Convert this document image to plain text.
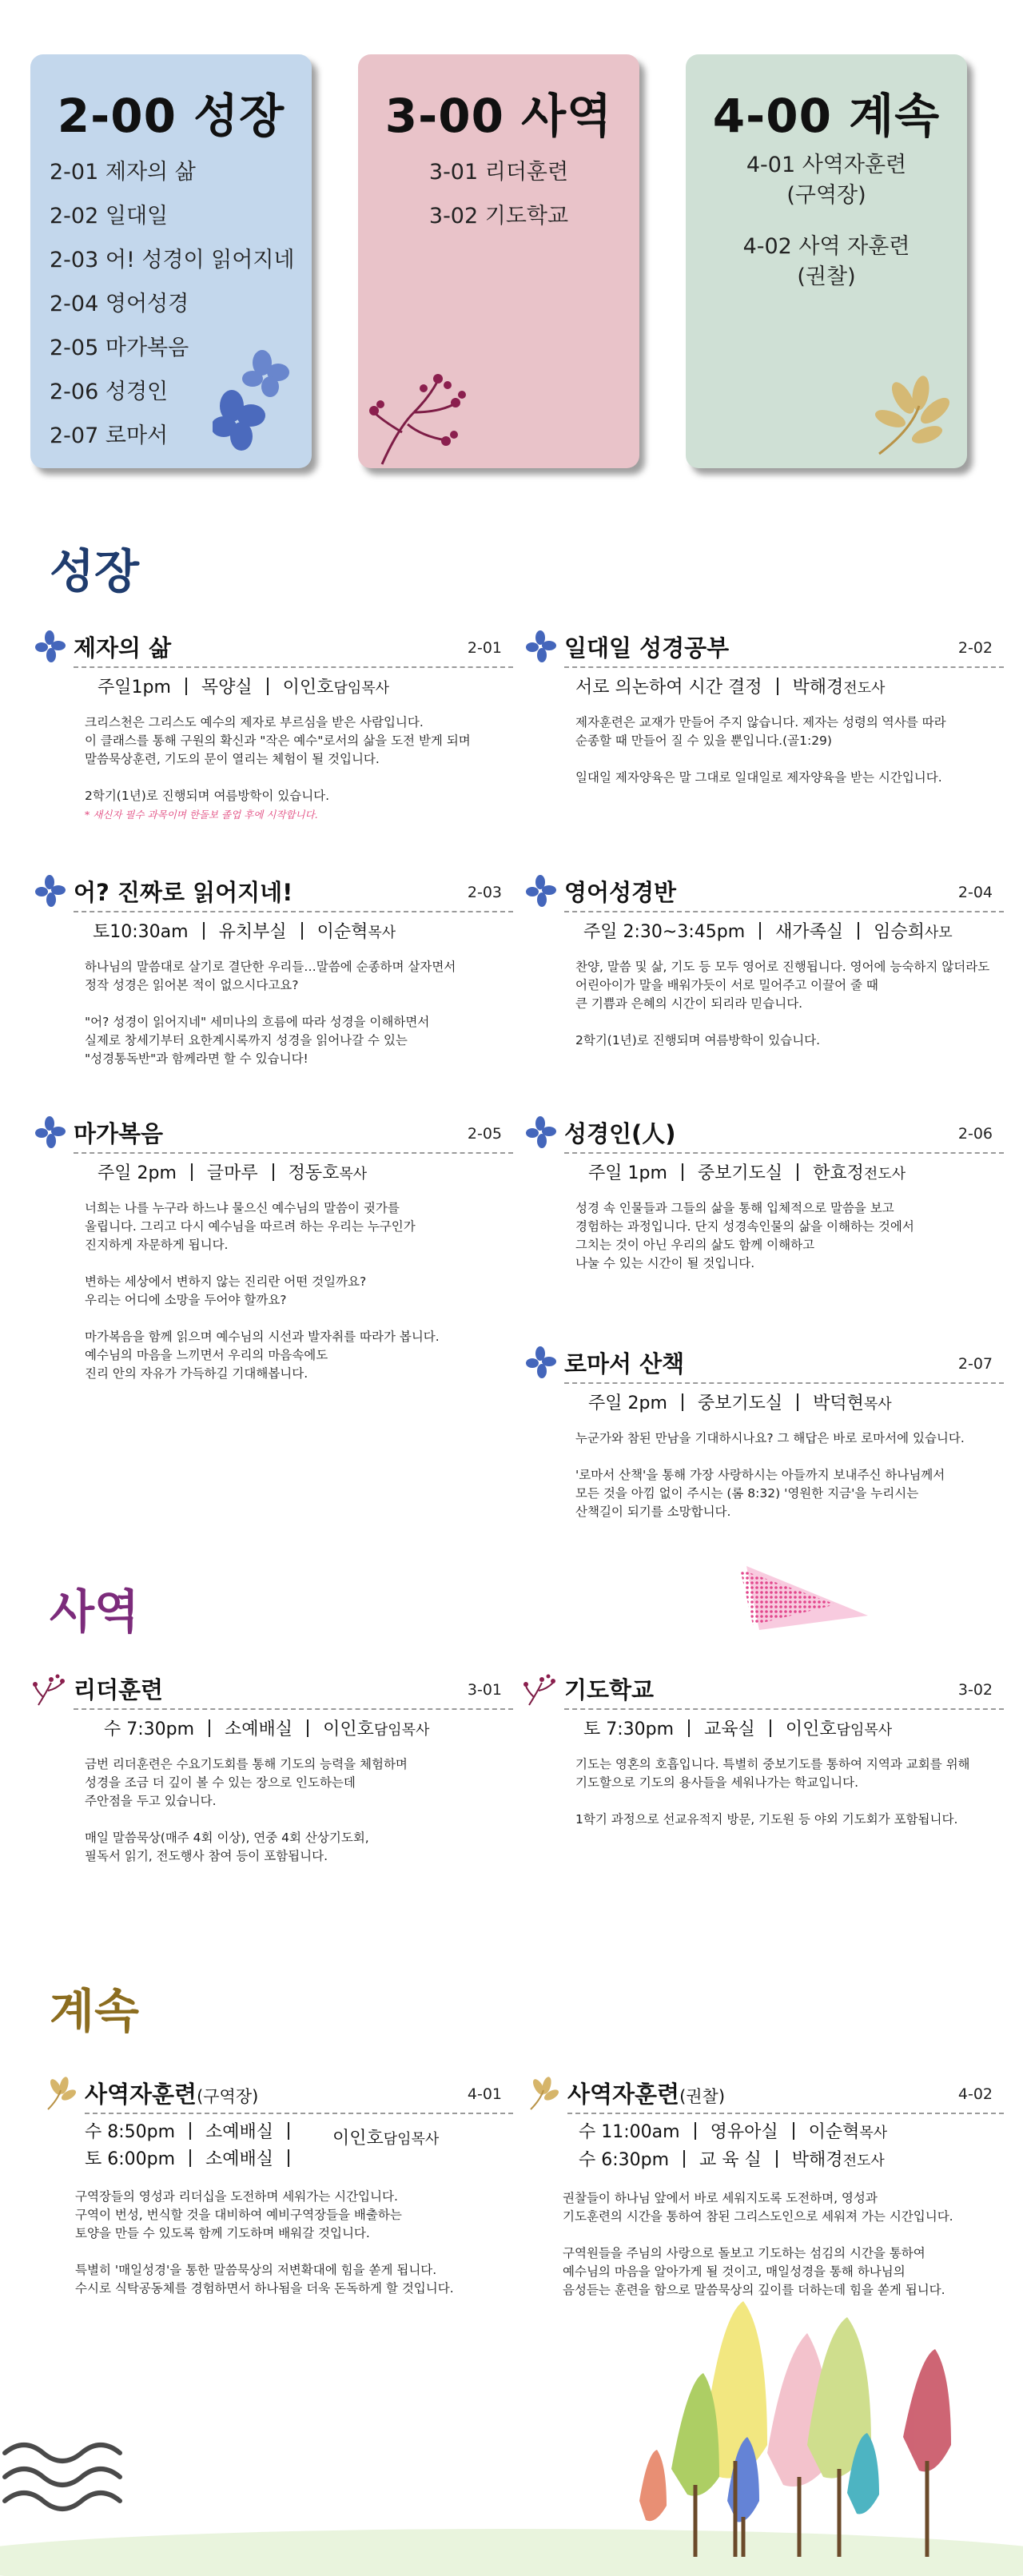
2-00 성장
2-01 제자의 삶
2-02 일대일
2-03 어! 성경이 읽어지네
2-04 영어성경
2-05 마가복음
2-06 성경인
2-07 로마서
3-00 사역
3-01 리더훈련
3-02 기도학교
4-00 계속
4-01 사역자훈련
(구역장)
4-02 사역 자훈련
(권찰)
성장
제자의 삶	2-01
주일1pm 목양실 이인호담임목사
크리스천은 그리스도 예수의 제자로 부르심을 받은 사람입니다.
이 클래스를 통해 구원의 확신과 "작은 예수"로서의 삶을 도전 받게 되며
말씀묵상훈련, 기도의 문이 열리는 체험이 될 것입니다.

2학기(1년)로 진행되며 여름방학이 있습니다.
* 새신자 필수 과목이며 한돌보 졸업 후에 시작합니다.
일대일 성경공부	2-02
서로 의논하여 시간 결정 박해경전도사
제자훈련은 교재가 만들어 주지 않습니다. 제자는 성령의 역사를 따라
순종할 때 만들어 질 수 있을 뿐입니다.(골1:29)

일대일 제자양육은 말 그대로 일대일로 제자양육을 받는 시간입니다.
어? 진짜로 읽어지네!	2-03
토10:30am 유치부실 이순혁목사
하나님의 말씀대로 살기로 결단한 우리들…말씀에 순종하며 살자면서
정작 성경은 읽어본 적이 없으시다고요?

"어? 성경이 읽어지네" 세미나의 흐름에 따라 성경을 이해하면서
실제로 창세기부터 요한계시록까지 성경을 읽어나갈 수 있는
"성경통독반"과 함께라면 할 수 있습니다!
영어성경반	2-04
주일 2:30~3:45pm 새가족실 임승희사모
찬양, 말씀 및 삶, 기도 등 모두 영어로 진행됩니다. 영어에 능숙하지 않더라도
어린아이가 말을 배워가듯이 서로 밀어주고 이끌어 줄 때
큰 기쁨과 은혜의 시간이 되리라 믿습니다.

2학기(1년)로 진행되며 여름방학이 있습니다.
마가복음	2-05
주일 2pm 글마루 정동호목사
너희는 나를 누구라 하느냐 물으신 예수님의 말씀이 귓가를
울립니다. 그리고 다시 예수님을 따르려 하는 우리는 누구인가
진지하게 자문하게 됩니다.

변하는 세상에서 변하지 않는 진리란 어떤 것일까요?
우리는 어디에 소망을 두어야 할까요?

마가복음을 함께 읽으며 예수님의 시선과 발자취를 따라가 봅니다.
예수님의 마음을 느끼면서 우리의 마음속에도
진리 안의 자유가 가득하길 기대해봅니다.
성경인(人)	2-06
주일 1pm 중보기도실 한효정전도사
성경 속 인물들과 그들의 삶을 통해 입체적으로 말씀을 보고
경험하는 과정입니다. 단지 성경속인물의 삶을 이해하는 것에서
그치는 것이 아닌 우리의 삶도 함께 이해하고
나눌 수 있는 시간이 될 것입니다.
로마서 산책	2-07
주일 2pm 중보기도실 박덕현목사
누군가와 참된 만남을 기대하시나요? 그 해답은 바로 로마서에 있습니다.

'로마서 산책'을 통해 가장 사랑하시는 아들까지 보내주신 하나님께서
모든 것을 아낌 없이 주시는 (롬 8:32) '영원한 지금'을 누리시는
산책길이 되기를 소망합니다.
사역
리더훈련	3-01
수 7:30pm 소예배실 이인호담임목사
금번 리더훈련은 수요기도회를 통해 기도의 능력을 체험하며
성경을 조금 더 깊이 볼 수 있는 장으로 인도하는데
주안점을 두고 있습니다.

매일 말씀묵상(매주 4회 이상), 연중 4회 산상기도회,
필독서 읽기, 전도행사 참여 등이 포함됩니다.
기도학교	3-02
토 7:30pm 교육실 이인호담임목사
기도는 영혼의 호흡입니다. 특별히 중보기도를 통하여 지역과 교회를 위해
기도할으로 기도의 용사들을 세워나가는 학교입니다.

1학기 과정으로 선교유적지 방문, 기도원 등 야외 기도회가 포함됩니다.
계속
사역자훈련(구역장)	4-01
수 8:50pm 소예배실
토 6:00pm 소예배실
이인호담임목사
구역장들의 영성과 리더십을 도전하며 세워가는 시간입니다.
구역이 번성, 번식할 것을 대비하여 예비구역장들을 배출하는
토양을 만들 수 있도록 함께 기도하며 배워갈 것입니다.

특별히 '매일성경'을 통한 말씀묵상의 저변확대에 힘을 쏟게 됩니다.
수시로 식탁공동체를 경험하면서 하나됨을 더욱 돈독하게 할 것입니다.
사역자훈련(권찰)	4-02
수 11:00am 영유아실 이순혁목사
수 6:30pm 교 육 실 박해경전도사
권찰들이 하나님 앞에서 바로 세워지도록 도전하며, 영성과
기도훈련의 시간을 통하여 참된 그리스도인으로 세워져 가는 시간입니다.

구역원들을 주님의 사랑으로 돌보고 기도하는 섬김의 시간을 통하여
예수님의 마음을 알아가게 될 것이고, 매일성경을 통해 하나님의
음성듣는 훈련을 함으로 말씀묵상의 깊이를 더하는데 힘을 쏟게 됩니다.
